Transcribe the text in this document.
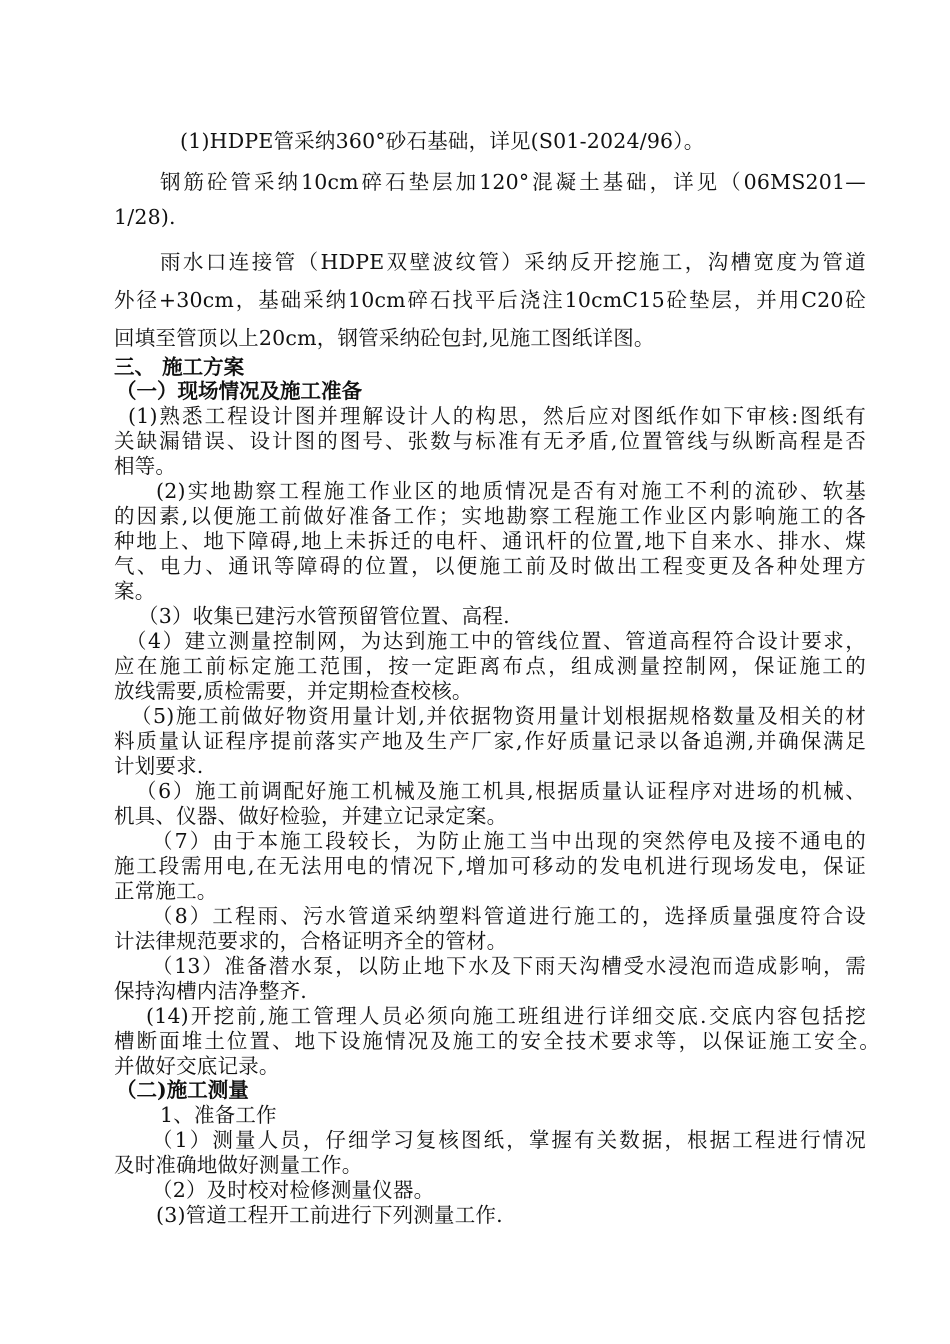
(1)HDPE管采纳360°砂石基础，详见(S01-2024/96）。

钢筋砼管采纳10cm碎石垫层加120°混凝土基础，详见（06MS201—

1/28).

雨水口连接管（HDPE双壁波纹管）采纳反开挖施工，沟槽宽度为管道

外径+30cm，基础采纳10cm碎石找平后浇注10cmC15砼垫层，并用C20砼

回填至管顶以上20cm，钢管采纳砼包封,见施工图纸详图。

三、 施工方案

（一）现场情况及施工准备

(1)熟悉工程设计图并理解设计人的构思，然后应对图纸作如下审核:图纸有

关缺漏错误、设计图的图号、张数与标准有无矛盾,位置管线与纵断高程是否

相等。

(2)实地勘察工程施工作业区的地质情况是否有对施工不利的流砂、软基

的因素,以便施工前做好准备工作；实地勘察工程施工作业区内影响施工的各

种地上、地下障碍,地上未拆迁的电杆、通讯杆的位置,地下自来水、排水、煤

气、电力、通讯等障碍的位置，以便施工前及时做出工程变更及各种处理方

案。

（3）收集已建污水管预留管位置、高程.

（4）建立测量控制网，为达到施工中的管线位置、管道高程符合设计要求，

应在施工前标定施工范围，按一定距离布点，组成测量控制网，保证施工的

放线需要,质检需要，并定期检查校核。

（5)施工前做好物资用量计划,并依据物资用量计划根据规格数量及相关的材

料质量认证程序提前落实产地及生产厂家,作好质量记录以备追溯,并确保满足

计划要求.

（6）施工前调配好施工机械及施工机具,根据质量认证程序对进场的机械、

机具、仪器、做好检验，并建立记录定案。

（7）由于本施工段较长，为防止施工当中出现的突然停电及接不通电的

施工段需用电,在无法用电的情况下,增加可移动的发电机进行现场发电，保证

正常施工。

（8）工程雨、污水管道采纳塑料管道进行施工的，选择质量强度符合设

计法律规范要求的，合格证明齐全的管材。

（13）准备潜水泵，以防止地下水及下雨天沟槽受水浸泡而造成影响，需

保持沟槽内洁净整齐.

(14)开挖前,施工管理人员必须向施工班组进行详细交底.交底内容包括挖

槽断面堆土位置、地下设施情况及施工的安全技术要求等，以保证施工安全。

并做好交底记录。

（二)施工测量

1、准备工作

（1）测量人员，仔细学习复核图纸，掌握有关数据，根据工程进行情况

及时准确地做好测量工作。

（2）及时校对检修测量仪器。

(3)管道工程开工前进行下列测量工作.
